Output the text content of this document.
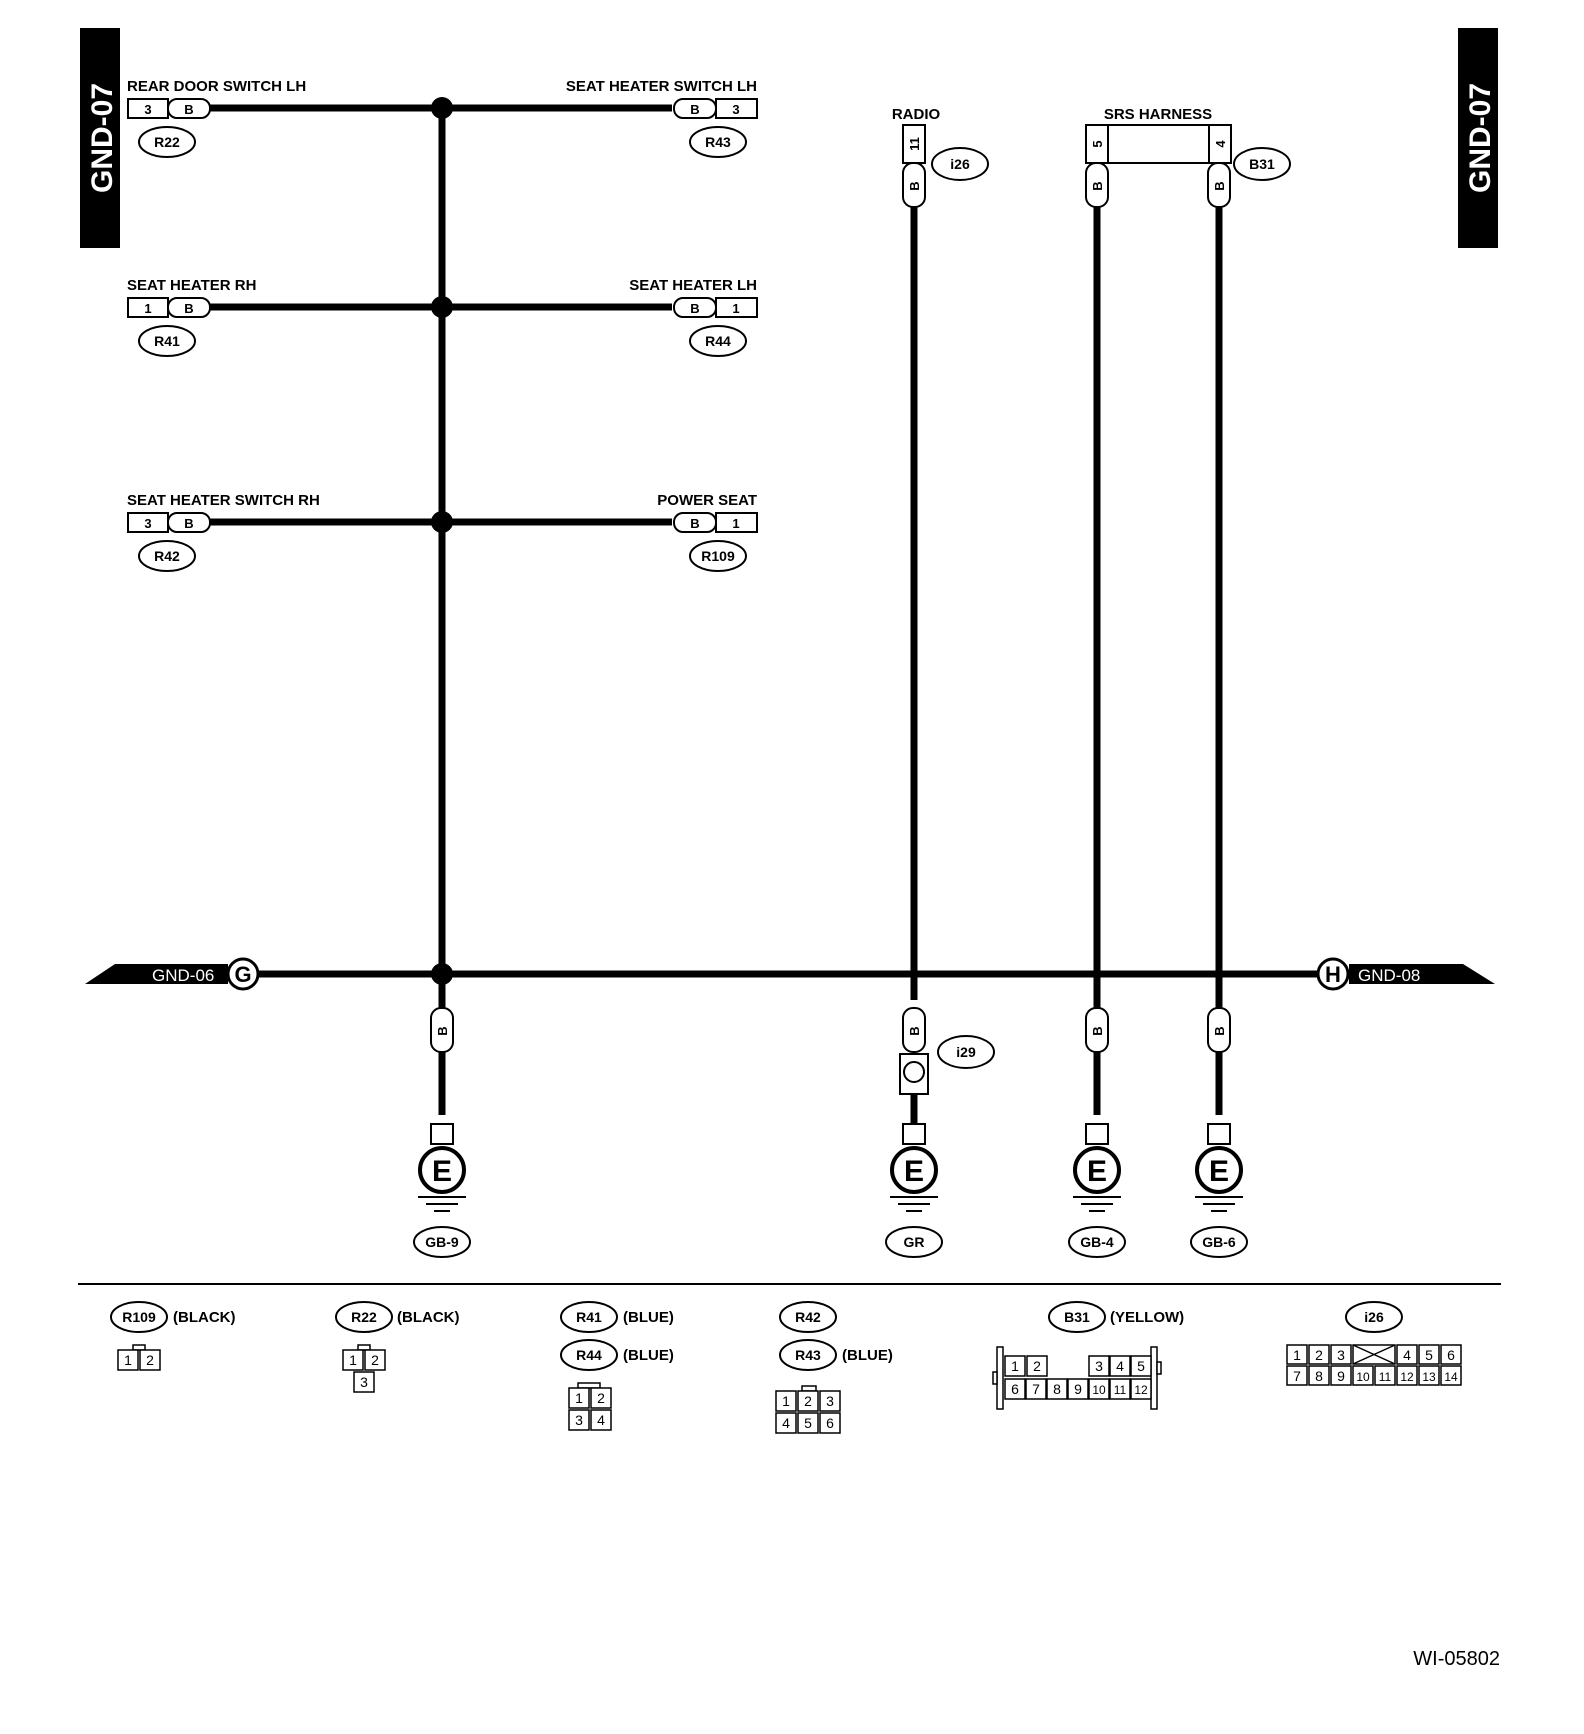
GND-07	GND-07
GND-06 G	H GND-08
REAR DOOR SWITCH LH
3	B
R22
SEAT HEATER SWITCH LH
B	3
R43
SEAT HEATER RH
1	B
R41
SEAT HEATER LH
B	1
R44
SEAT HEATER SWITCH RH
3	B
R42
POWER SEAT
B	1
R109
RADIO
11
B
i26
SRS HARNESS
5	4
B	B
B31
B
E
GB-9
B
i29
E
GR
B
E
GB-4
B
E
GB-6
R109 (BLACK)
1 2
R22 (BLACK)
1 2
3
R41 (BLUE)
R44 (BLUE)
1 2
3 4
R42
R43 (BLUE)
1 2 3
4 5 6
B31 (YELLOW)
1 2	3 4 5
6 7 8 9 10 11 12
i26
1 2 3	4 5 6
7 8 9 10 11 12 13 14
WI-05802
